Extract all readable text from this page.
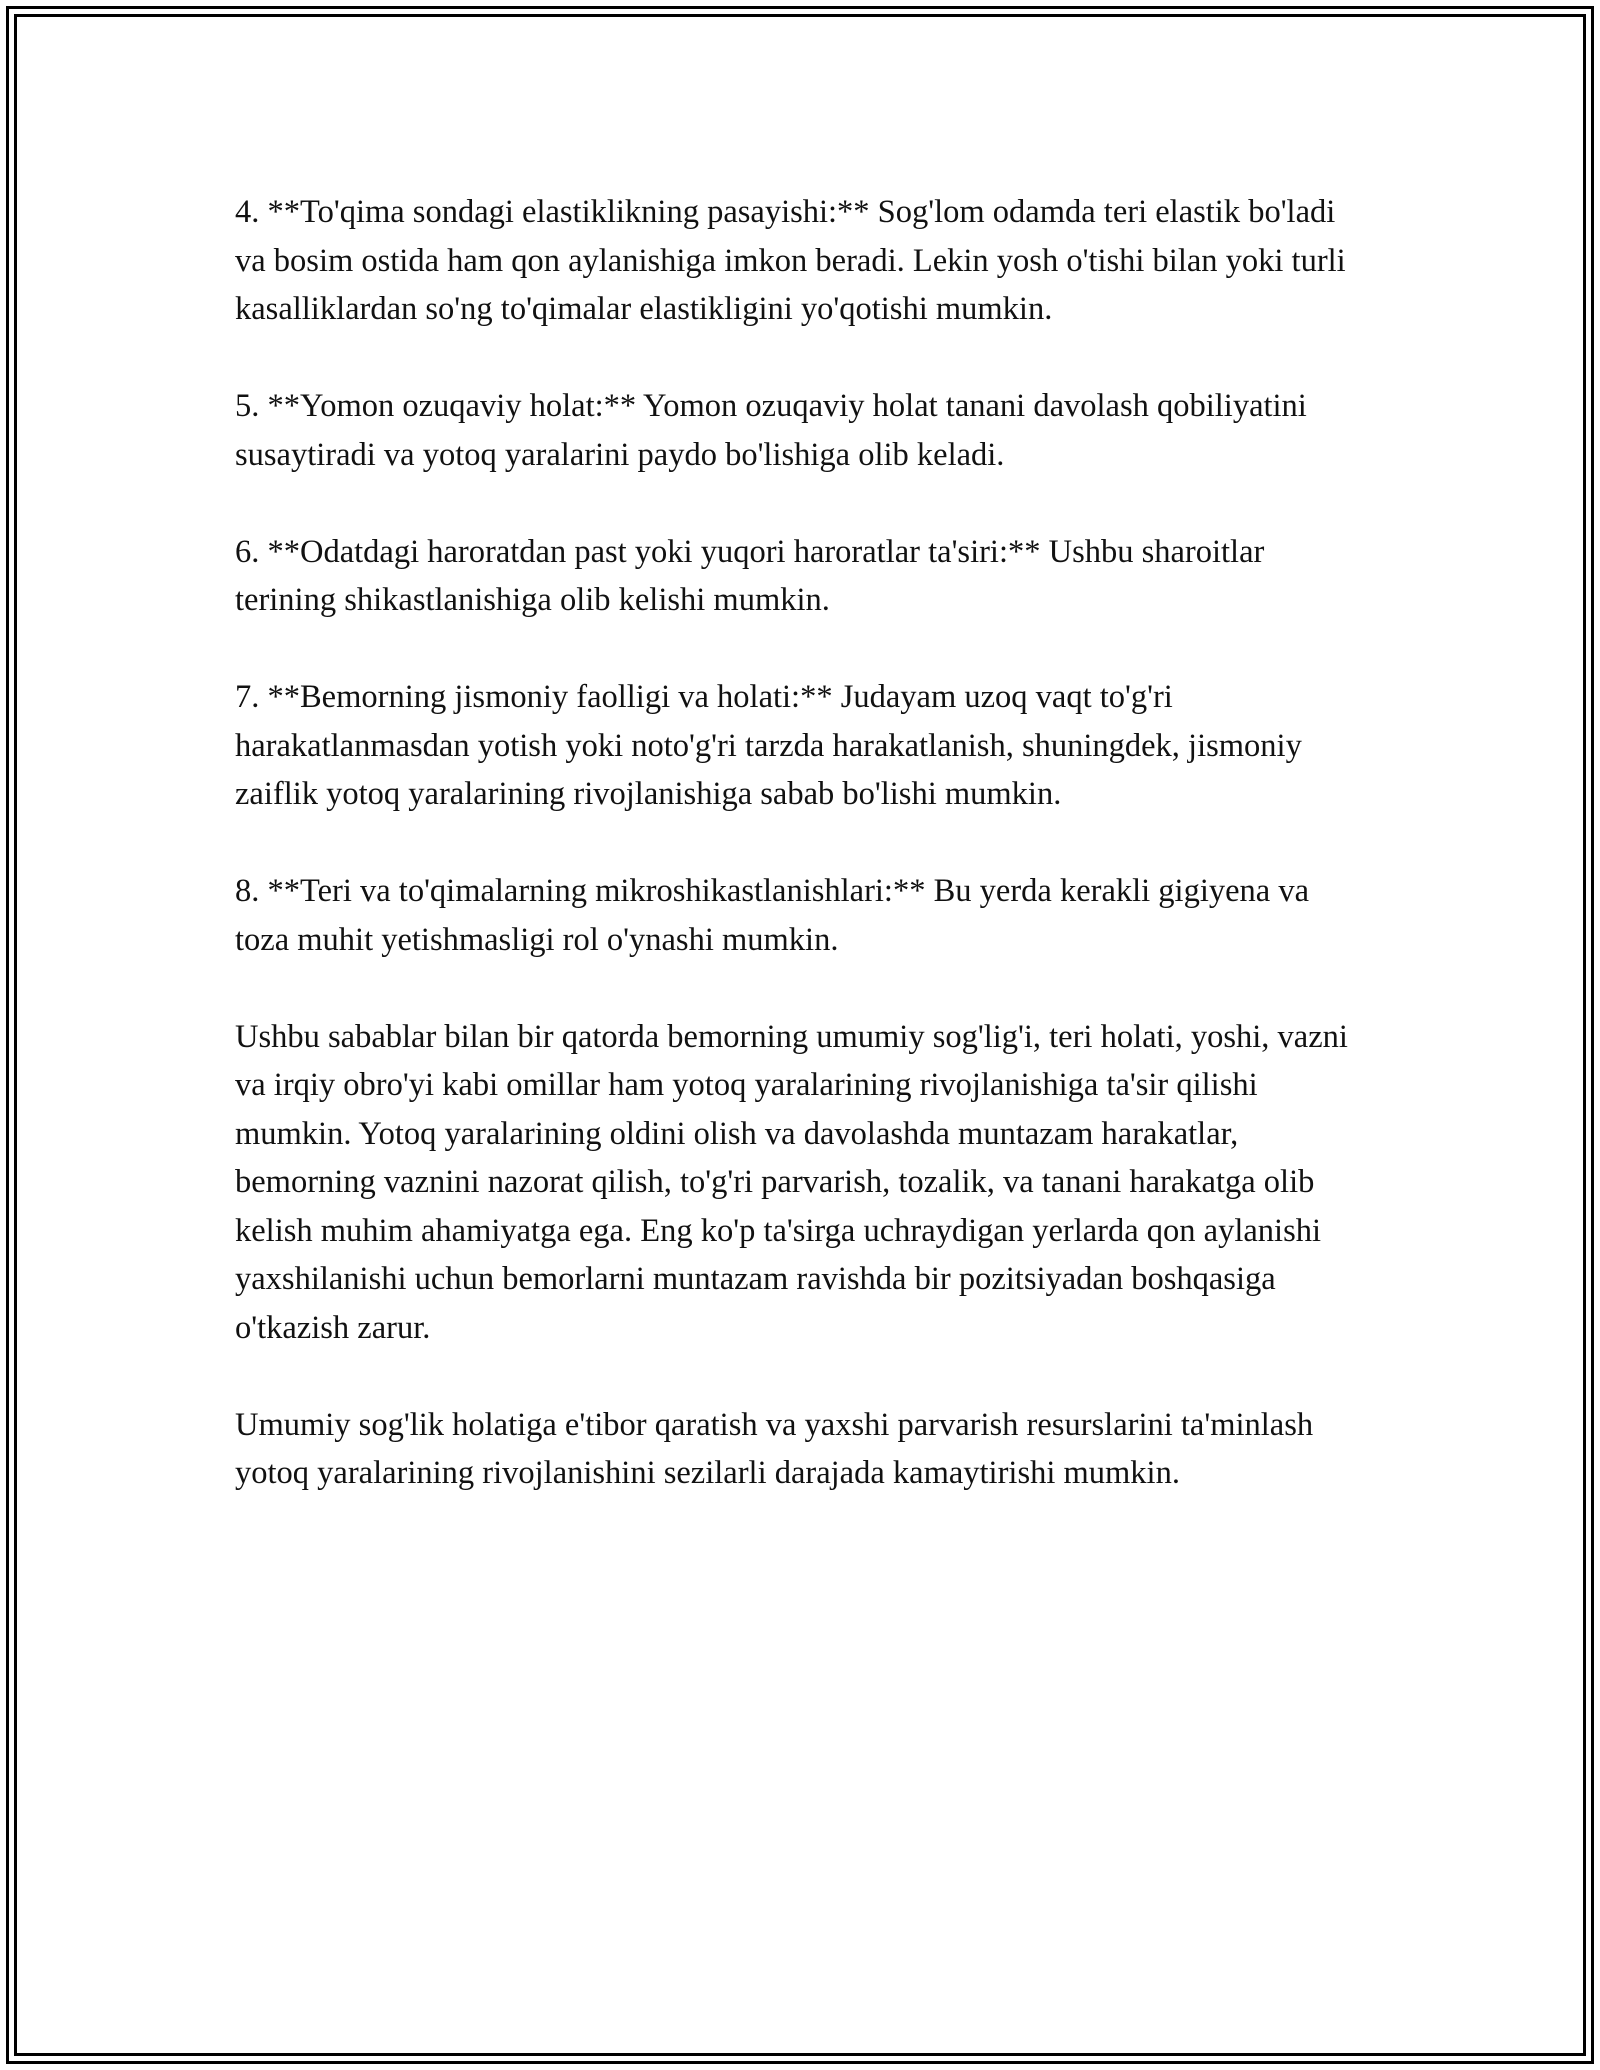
4. **To'qima sondagi elastiklikning pasayishi:** Sog'lom odamda teri elastik bo'ladi va bosim ostida ham qon aylanishiga imkon beradi. Lekin yosh o'tishi bilan yoki turli kasalliklardan so'ng to'qimalar elastikligini yo'qotishi mumkin.

5. **Yomon ozuqaviy holat:** Yomon ozuqaviy holat tanani davolash qobiliyatini susaytiradi va yotoq yaralarini paydo bo'lishiga olib keladi.

6. **Odatdagi haroratdan past yoki yuqori haroratlar ta'siri:** Ushbu sharoitlar terining shikastlanishiga olib kelishi mumkin.

7. **Bemorning jismoniy faolligi va holati:** Judayam uzoq vaqt to'g'ri harakatlanmasdan yotish yoki noto'g'ri tarzda harakatlanish, shuningdek, jismoniy zaiflik yotoq yaralarining rivojlanishiga sabab bo'lishi mumkin.

8. **Teri va to'qimalarning mikroshikastlanishlari:** Bu yerda kerakli gigiyena va toza muhit yetishmasligi rol o'ynashi mumkin.

Ushbu sabablar bilan bir qatorda bemorning umumiy sog'lig'i, teri holati, yoshi, vazni va irqiy obro'yi kabi omillar ham yotoq yaralarining rivojlanishiga ta'sir qilishi mumkin. Yotoq yaralarining oldini olish va davolashda muntazam harakatlar, bemorning vaznini nazorat qilish, to'g'ri parvarish, tozalik, va tanani harakatga olib kelish muhim ahamiyatga ega. Eng ko'p ta'sirga uchraydigan yerlarda qon aylanishi yaxshilanishi uchun bemorlarni muntazam ravishda bir pozitsiyadan boshqasiga o'tkazish zarur.

Umumiy sog'lik holatiga e'tibor qaratish va yaxshi parvarish resurslarini ta'minlash yotoq yaralarining rivojlanishini sezilarli darajada kamaytirishi mumkin.
